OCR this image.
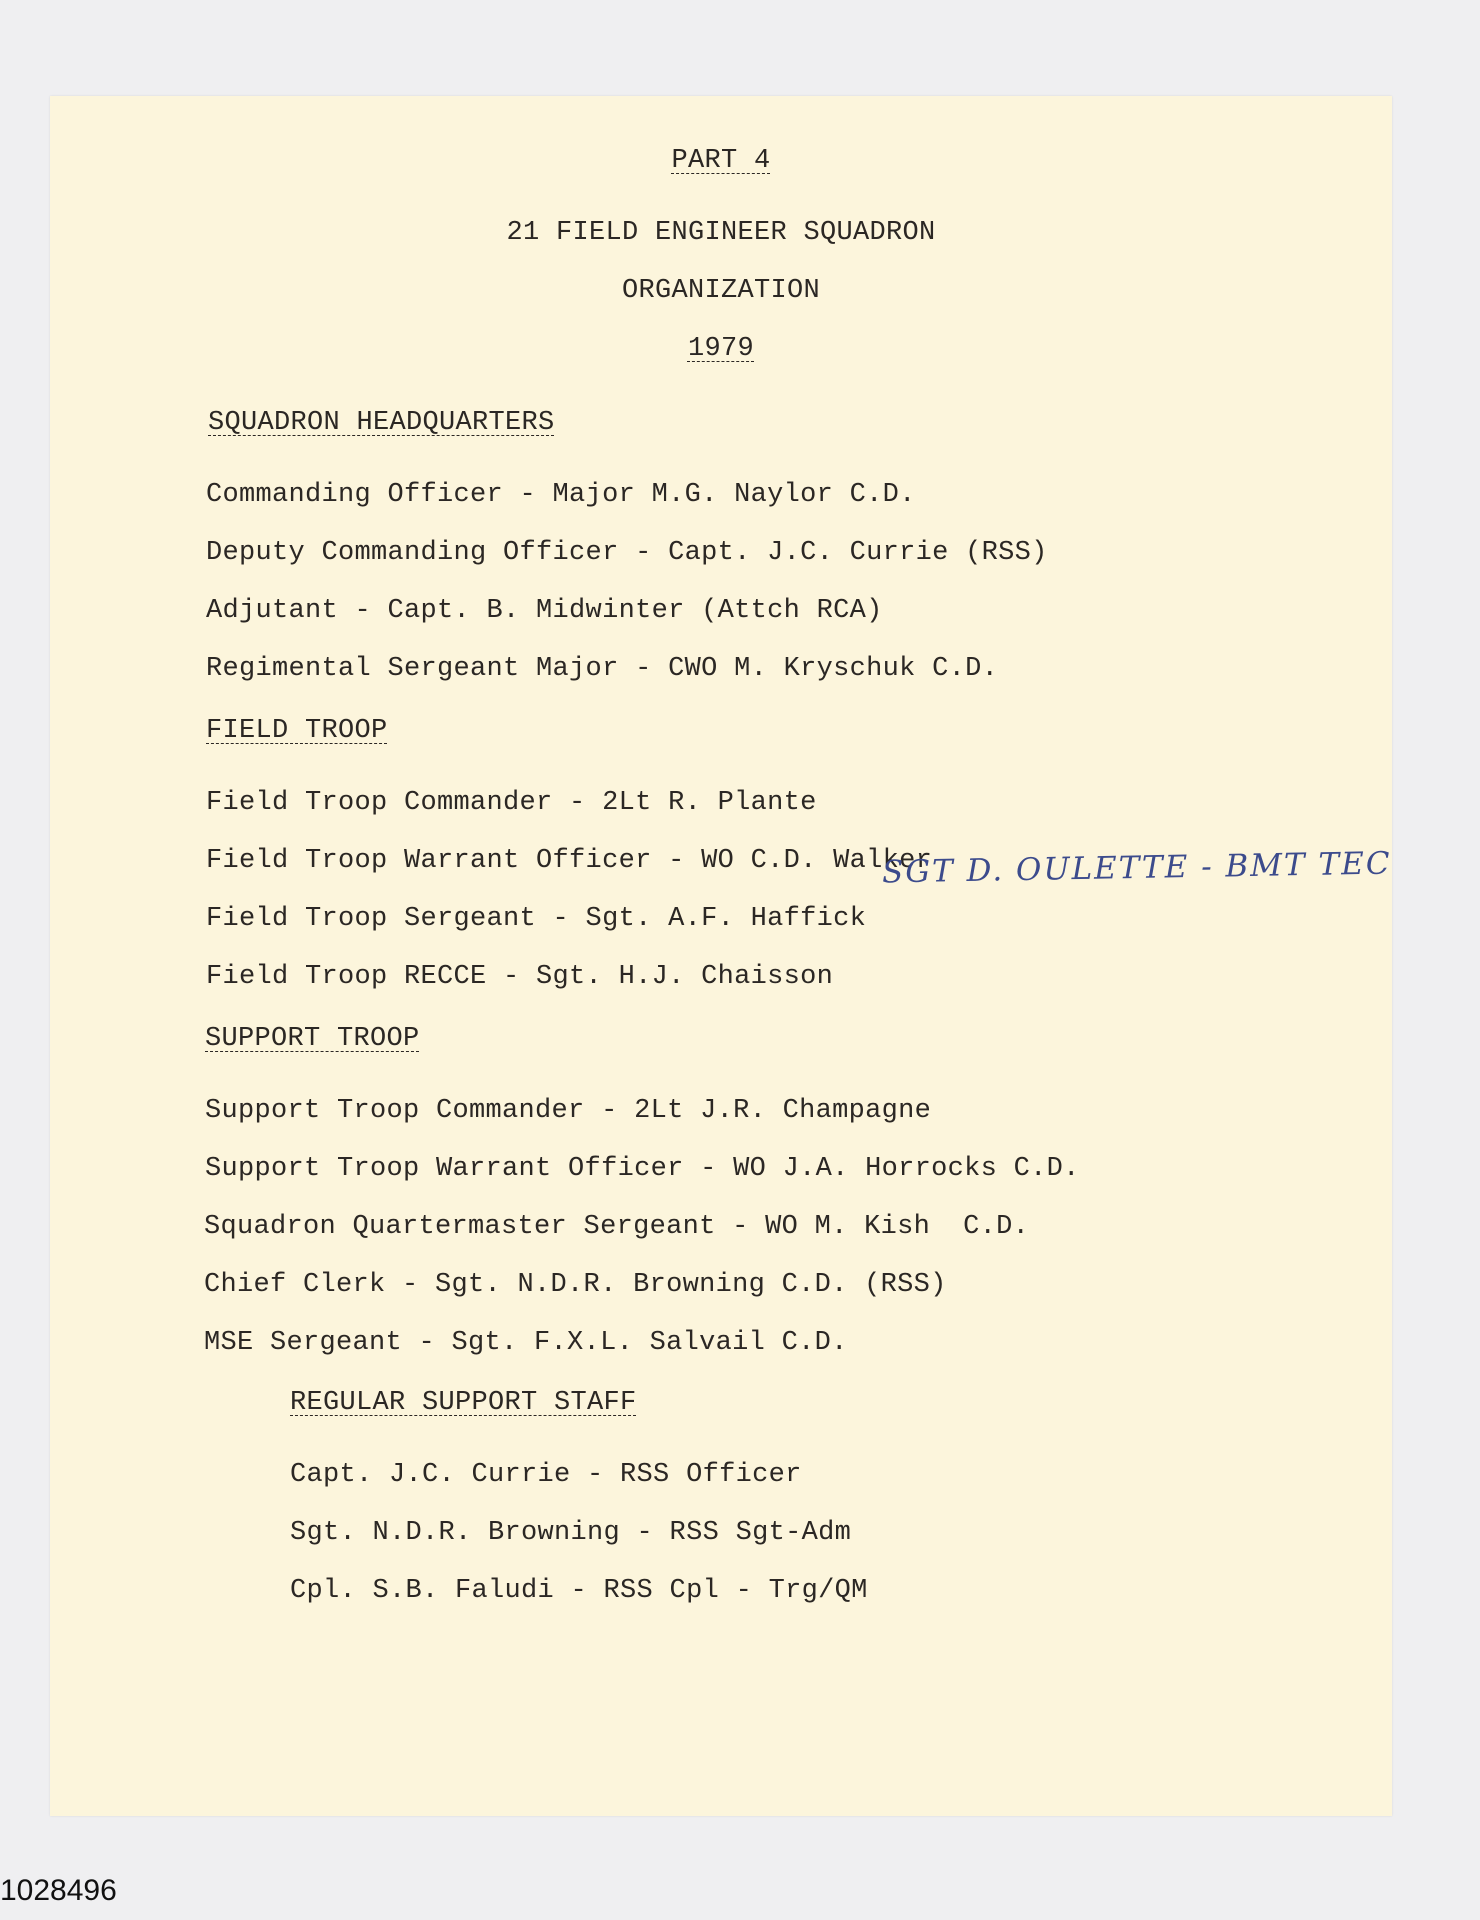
PART 4
21 FIELD ENGINEER SQUADRON
ORGANIZATION
1979
SQUADRON HEADQUARTERS
Commanding Officer - Major M.G. Naylor C.D.
Deputy Commanding Officer - Capt. J.C. Currie (RSS)
Adjutant - Capt. B. Midwinter (Attch RCA)
Regimental Sergeant Major - CWO M. Kryschuk C.D.
FIELD TROOP
Field Troop Commander - 2Lt R. Plante
Field Troop Warrant Officer - WO C.D. Walker
Field Troop Sergeant - Sgt. A.F. Haffick
Field Troop RECCE - Sgt. H.J. Chaisson
SUPPORT TROOP
Support Troop Commander - 2Lt J.R. Champagne
Support Troop Warrant Officer - WO J.A. Horrocks C.D.
Squadron Quartermaster Sergeant - WO M. Kish  C.D.
Chief Clerk - Sgt. N.D.R. Browning C.D. (RSS)
MSE Sergeant - Sgt. F.X.L. Salvail C.D.
REGULAR SUPPORT STAFF
Capt. J.C. Currie - RSS Officer
Sgt. N.D.R. Browning - RSS Sgt-Adm
Cpl. S.B. Faludi - RSS Cpl - Trg/QM
SGT D. OULETTE - BMT TEC
1028496
